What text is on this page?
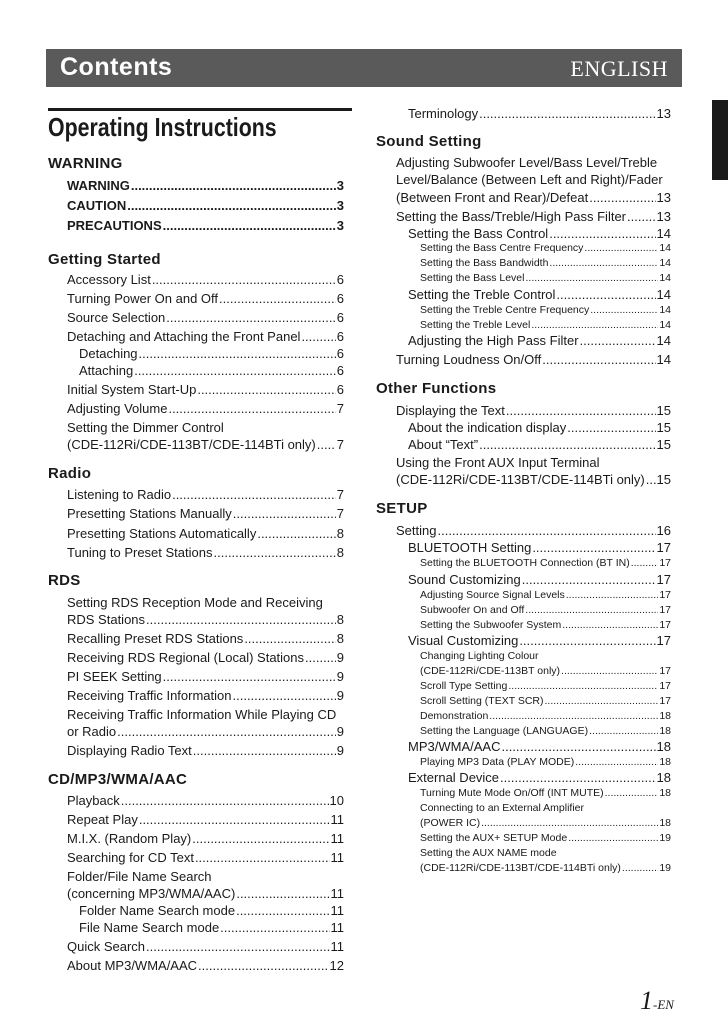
Contents	ENGLISH
Operating Instructions
WARNING
WARNING .....	3
CAUTION .....	3
PRECAUTIONS .....	3
Getting Started
Accessory List .....	6
Turning Power On and Off .....	6
Source Selection .....	6
Detaching and Attaching the Front Panel .....	6
Detaching .....	6
Attaching .....	6
Initial System Start-Up .....	6
Adjusting Volume .....	7
Setting the Dimmer Control
(CDE-112Ri/CDE-113BT/CDE-114BTi only) ..... 7
Radio
Listening to Radio .....	7
Presetting Stations Manually .....	7
Presetting Stations Automatically .....	8
Tuning to Preset Stations .....	8
RDS
Setting RDS Reception Mode and Receiving
RDS Stations .....	8
Recalling Preset RDS Stations .....	8
Receiving RDS Regional (Local) Stations .....	9
PI SEEK Setting .....	9
Receiving Traffic Information .....	9
Receiving Traffic Information While Playing CD
or Radio .....	9
Displaying Radio Text .....	9
CD/MP3/WMA/AAC
Playback .....	10
Repeat Play .....	11
M.I.X. (Random Play) .....	11
Searching for CD Text .....	11
Folder/File Name Search
(concerning MP3/WMA/AAC) .....	11
Folder Name Search mode .....	11
File Name Search mode .....	11
Quick Search .....	11
About MP3/WMA/AAC .....	12
Terminology .....	13
Sound Setting
Adjusting Subwoofer Level/Bass Level/Treble
Level/Balance (Between Left and Right)/Fader
(Between Front and Rear)/Defeat .....	13
Setting the Bass/Treble/High Pass Filter ..... 13
Setting the Bass Control .....	14
Setting the Bass Centre Frequency .....	14
Setting the Bass Bandwidth .....	14
Setting the Bass Level .....	14
Setting the Treble Control .....	14
Setting the Treble Centre Frequency .....	14
Setting the Treble Level .....	14
Adjusting the High Pass Filter .....	14
Turning Loudness On/Off .....	14
Other Functions
Displaying the Text .....	15
About the indication display .....	15
About “Text” .....	15
Using the Front AUX Input Terminal
(CDE-112Ri/CDE-113BT/CDE-114BTi only) ..... 15
SETUP
Setting .....	16
BLUETOOTH Setting .....	17
Setting the BLUETOOTH Connection (BT IN) .....	17
Sound Customizing .....	17
Adjusting Source Signal Levels .....	17
Subwoofer On and Off .....	17
Setting the Subwoofer System .....	17
Visual Customizing .....	17
Changing Lighting Colour
(CDE-112Ri/CDE-113BT only) .....	17
Scroll Type Setting .....	17
Scroll Setting (TEXT SCR) .....	17
Demonstration .....	18
Setting the Language (LANGUAGE) .....	18
MP3/WMA/AAC .....	18
Playing MP3 Data (PLAY MODE) .....	18
External Device .....	18
Turning Mute Mode On/Off (INT MUTE) .....	18
Connecting to an External Amplifier
(POWER IC) .....	18
Setting the AUX+ SETUP Mode .....	19
Setting the AUX NAME mode
(CDE-112Ri/CDE-113BT/CDE-114BTi only) .....	19
1-EN
